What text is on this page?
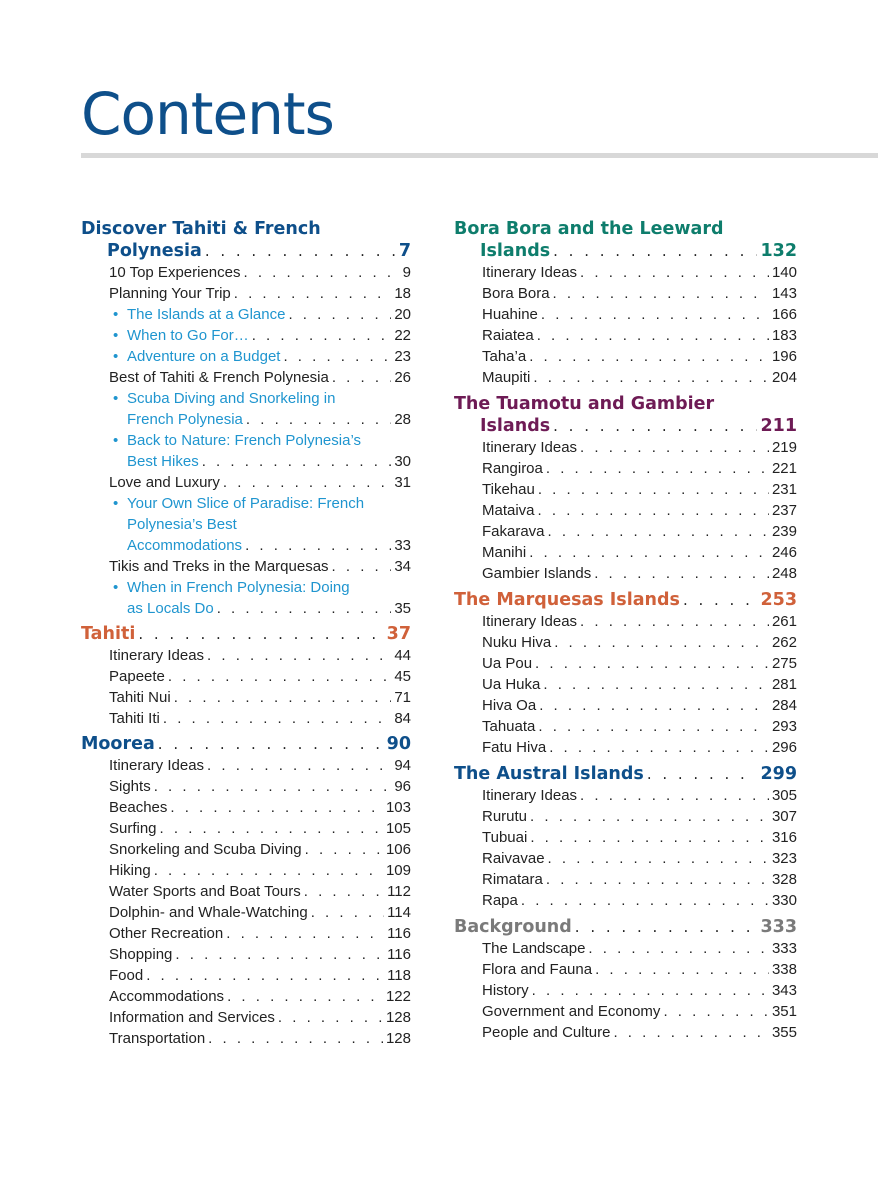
Contents
Discover Tahiti & French
Polynesia . . .	7
10 Top Experiences . . .	9
Planning Your Trip . . .	18
• The Islands at a Glance . . .	20
• When to Go For… . . .	22
• Adventure on a Budget . . .	23
Best of Tahiti & French Polynesia . . .	26
• Scuba Diving and Snorkeling in
French Polynesia . . .	28
• Back to Nature: French Polynesia’s
Best Hikes . . .	30
Love and Luxury . . .	31
• Your Own Slice of Paradise: French
Polynesia’s Best
Accommodations . . .	33
Tikis and Treks in the Marquesas . . .	34
• When in French Polynesia: Doing
as Locals Do . . .	35
Tahiti . . .	37
Itinerary Ideas . . .	44
Papeete . . .	45
Tahiti Nui . . .	71
Tahiti Iti . . .	84
Moorea . . .	90
Itinerary Ideas . . .	94
Sights . . .	96
Beaches . . .	103
Surfing . . .	105
Snorkeling and Scuba Diving . . .	106
Hiking . . .	109
Water Sports and Boat Tours . . .	112
Dolphin- and Whale-Watching . . .	114
Other Recreation . . .	116
Shopping . . .	116
Food . . .	118
Accommodations . . .	122
Information and Services . . .	128
Transportation . . .	128
Bora Bora and the Leeward
Islands . . .	132
Itinerary Ideas . . .	140
Bora Bora . . .	143
Huahine . . .	166
Raiatea . . .	183
Taha’a . . .	196
Maupiti . . .	204
The Tuamotu and Gambier
Islands . . .	211
Itinerary Ideas . . .	219
Rangiroa . . .	221
Tikehau . . .	231
Mataiva . . .	237
Fakarava . . .	239
Manihi . . .	246
Gambier Islands . . .	248
The Marquesas Islands . . .	253
Itinerary Ideas . . .	261
Nuku Hiva . . .	262
Ua Pou . . .	275
Ua Huka . . .	281
Hiva Oa . . .	284
Tahuata . . .	293
Fatu Hiva . . .	296
The Austral Islands . . .	299
Itinerary Ideas . . .	305
Rurutu . . .	307
Tubuai . . .	316
Raivavae . . .	323
Rimatara . . .	328
Rapa . . .	330
Background . . .	333
The Landscape . . .	333
Flora and Fauna . . .	338
History . . .	343
Government and Economy . . .	351
People and Culture . . .	355
